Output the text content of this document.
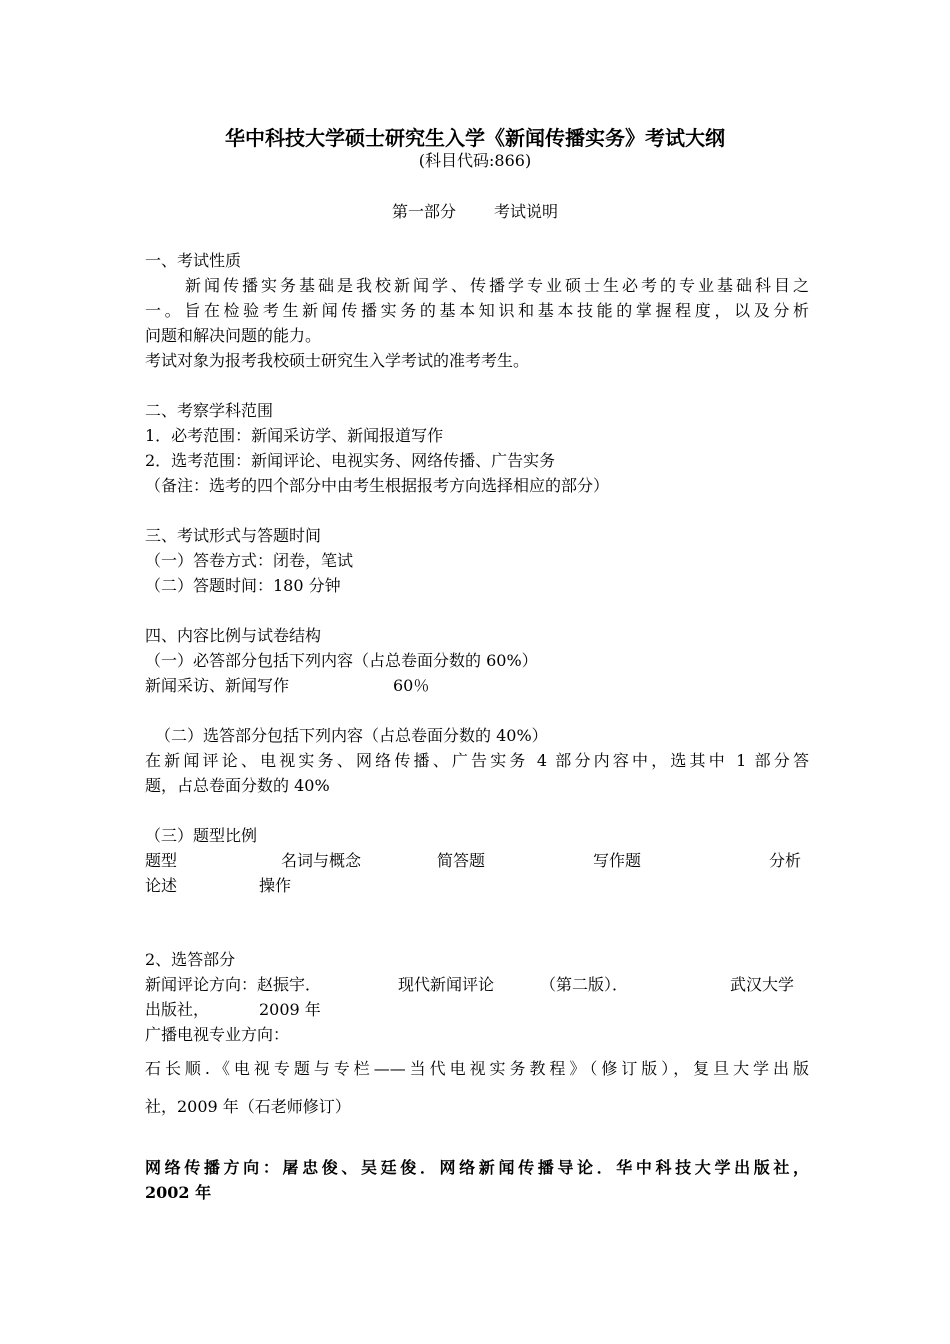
华中科技大学硕士研究生入学《新闻传播实务》考试大纲
(科目代码:866)
第一部分 考试说明
一、考试性质
新闻传播实务基础是我校新闻学、传播学专业硕士生必考的专业基础科目之
一。旨在检验考生新闻传播实务的基本知识和基本技能的掌握程度，以及分析
问题和解决问题的能力。
考试对象为报考我校硕士研究生入学考试的准考考生。
二、考察学科范围
1．必考范围：新闻采访学、新闻报道写作
2．选考范围：新闻评论、电视实务、网络传播、广告实务
（备注：选考的四个部分中由考生根据报考方向选择相应的部分）
三、考试形式与答题时间
（一）答卷方式：闭卷，笔试
（二）答题时间：180 分钟
四、内容比例与试卷结构
（一）必答部分包括下列内容（占总卷面分数的 60%）
新闻采访、新闻写作	60％
（二）选答部分包括下列内容（占总卷面分数的 40%）
在新闻评论、电视实务、网络传播、广告实务 4 部分内容中，选其中 1 部分答
题，占总卷面分数的 40%
（三）题型比例
题型	名词与概念	简答题	写作题	分析
论述	操作
2、选答部分
新闻评论方向：赵振宇．	现代新闻评论	（第二版）．	武汉大学
出版社，	2009 年
广播电视专业方向：
石长顺.《电视专题与专栏——当代电视实务教程》（修订版），复旦大学出版
社，2009 年（石老师修订）
网络传播方向：屠忠俊、吴廷俊．网络新闻传播导论．华中科技大学出版社，
2002 年
